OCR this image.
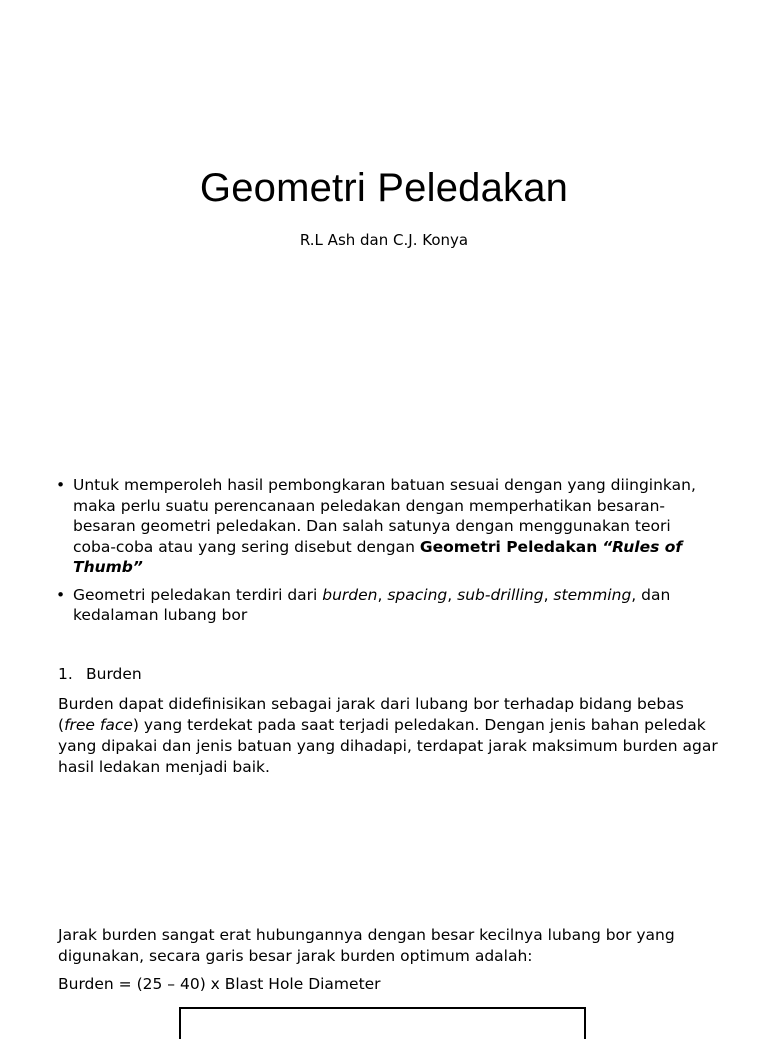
Geometri Peledakan
R.L Ash dan C.J. Konya
• Untuk memperoleh hasil pembongkaran batuan sesuai dengan yang diinginkan, maka perlu suatu perencanaan peledakan dengan memperhatikan besaran-besaran geometri peledakan. Dan salah satunya dengan menggunakan teori coba-coba atau yang sering disebut dengan Geometri Peledakan “Rules of Thumb”
• Geometri peledakan terdiri dari burden, spacing, sub-drilling, stemming, dan kedalaman lubang bor
1. Burden

Burden dapat didefinisikan sebagai jarak dari lubang bor terhadap bidang bebas (free face) yang terdekat pada saat terjadi peledakan. Dengan jenis bahan peledak yang dipakai dan jenis batuan yang dihadapi, terdapat jarak maksimum burden agar hasil ledakan menjadi baik.

Jarak burden sangat erat hubungannya dengan besar kecilnya lubang bor yang digunakan, secara garis besar jarak burden optimum adalah:

Burden = (25 – 40) x Blast Hole Diameter
